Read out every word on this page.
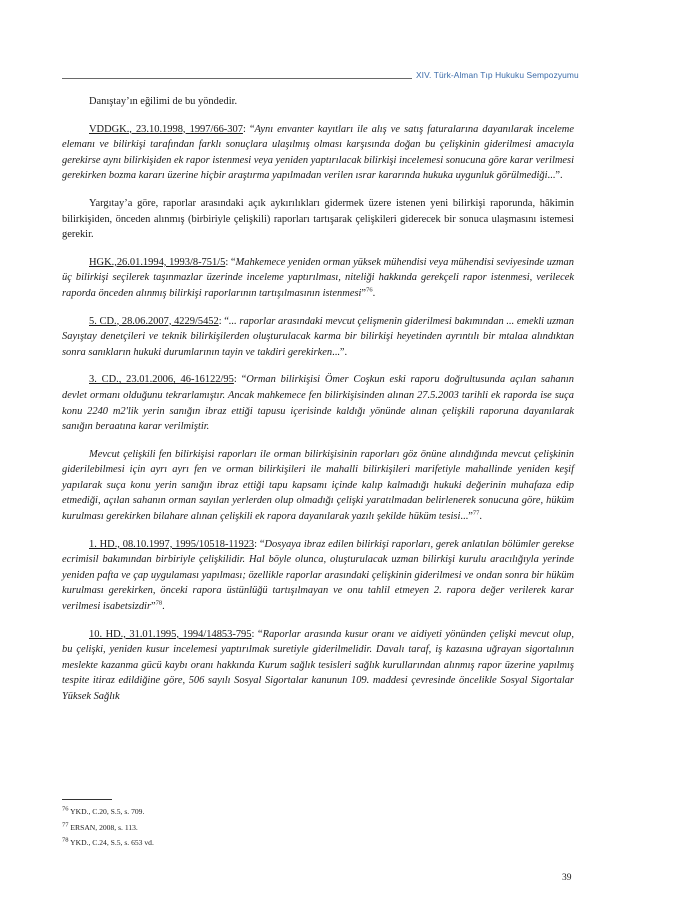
XIV. Türk-Alman Tıp Hukuku Sempozyumu

Danıştay’ın eğilimi de bu yöndedir.

VDDGK., 23.10.1998, 1997/66-307: “Aynı envanter kayıtları ile alış ve satış faturalarına dayanılarak inceleme elemanı ve bilirkişi tarafından farklı sonuçlara ulaşılmış olması karşısında doğan bu çelişkinin giderilmesi amacıyla gerekirse aynı bilirkişiden ek rapor istenmesi veya yeniden yaptırılacak bilirkişi incelemesi sonucuna göre karar verilmesi gerekirken bozma kararı üzerine hiçbir araştırma yapılmadan verilen ısrar kararında hukuka uygunluk görülmediği...”.

Yargıtay’a göre, raporlar arasındaki açık aykırılıkları gidermek üzere istenen yeni bilirkişi raporunda, hâkimin bilirkişiden, önceden alınmış (birbiriyle çelişkili) raporları tartışarak çelişkileri giderecek bir sonuca ulaşmasını istemesi gerekir.

HGK.,26.01.1994, 1993/8-751/5: “Mahkemece yeniden orman yüksek mühendisi veya mühendisi seviyesinde uzman üç bilirkişi seçilerek taşınmazlar üzerinde inceleme yaptırılması, niteliği hakkında gerekçeli rapor istenmesi, verilecek raporda önceden alınmış bilirkişi raporlarının tartışılmasının istenmesi”$^{76}$.

5. CD., 28.06.2007, 4229/5452: “... raporlar arasındaki mevcut çelişmenin giderilmesi bakımından ... emekli uzman Sayıştay denetçileri ve teknik bilirkişilerden oluşturulacak karma bir bilirkişi heyetinden ayrıntılı bir mtalaa alındıktan sonra sanıkların hukuki durumlarının tayin ve takdiri gerekirken...”.

3. CD., 23.01.2006, 46-16122/95: “Orman bilirkişisi Ömer Coşkun eski raporu doğrultusunda açılan sahanın devlet ormanı olduğunu tekrarlamıştır. Ancak mahkemece fen bilirkişisinden alınan 27.5.2003 tarihli ek raporda ise suça konu 2240 m2'lik yerin sanığın ibraz ettiği tapusu içerisinde kaldığı yönünde alınan çelişkili raporuna dayanılarak sanığın beraatına karar verilmiştir.

Mevcut çelişkili fen bilirkişisi raporları ile orman bilirkişisinin raporları göz önüne alındığında mevcut çelişkinin giderilebilmesi için ayrı ayrı fen ve orman bilirkişileri ile mahalli bilirkişileri marifetiyle mahallinde yeniden keşif yapılarak suça konu yerin sanığın ibraz ettiği tapu kapsamı içinde kalıp kalmadığı hukuki değerinin muhafaza edip etmediği, açılan sahanın orman sayılan yerlerden olup olmadığı çelişki yaratılmadan belirlenerek sonucuna göre, hüküm kurulması gerekirken bilahare alınan çelişkili ek rapora dayanılarak yazılı şekilde hüküm tesisi...”$^{77}$.

1. HD., 08.10.1997, 1995/10518-11923: “Dosyaya ibraz edilen bilirkişi raporları, gerek anlatılan bölümler gerekse ecrimisil bakımından birbiriyle çelişkilidir. Hal böyle olunca, oluşturulacak uzman bilirkişi kurulu aracılığıyla yerinde yeniden pafta ve çap uygulaması yapılması; özellikle raporlar arasındaki çelişkinin giderilmesi ve ondan sonra bir hüküm kurulması gerekirken, önceki rapora üstünlüğü tartışılmayan ve onu tahlil etmeyen 2. rapora değer verilerek karar verilmesi isabetsizdir”$^{78}$.

10. HD., 31.01.1995, 1994/14853-795: “Raporlar arasında kusur oranı ve aidiyeti yönünden çelişki mevcut olup, bu çelişki, yeniden kusur incelemesi yaptırılmak suretiyle giderilmelidir. Davalı taraf, iş kazasına uğrayan sigortalının meslekte kazanma gücü kaybı oranı hakkında Kurum sağlık tesisleri sağlık kurullarından alınmış rapor üzerine yapılmış tespite itiraz edildiğine göre, 506 sayılı Sosyal Sigortalar kanunun 109. maddesi çevresinde öncelikle Sosyal Sigortalar Yüksek Sağlık

$^{76}$ YKD., C.20, S.5, s. 709.

$^{77}$ ERSAN, 2008, s. 113.

$^{78}$ YKD., C.24, S.5, s. 653 vd.

39
